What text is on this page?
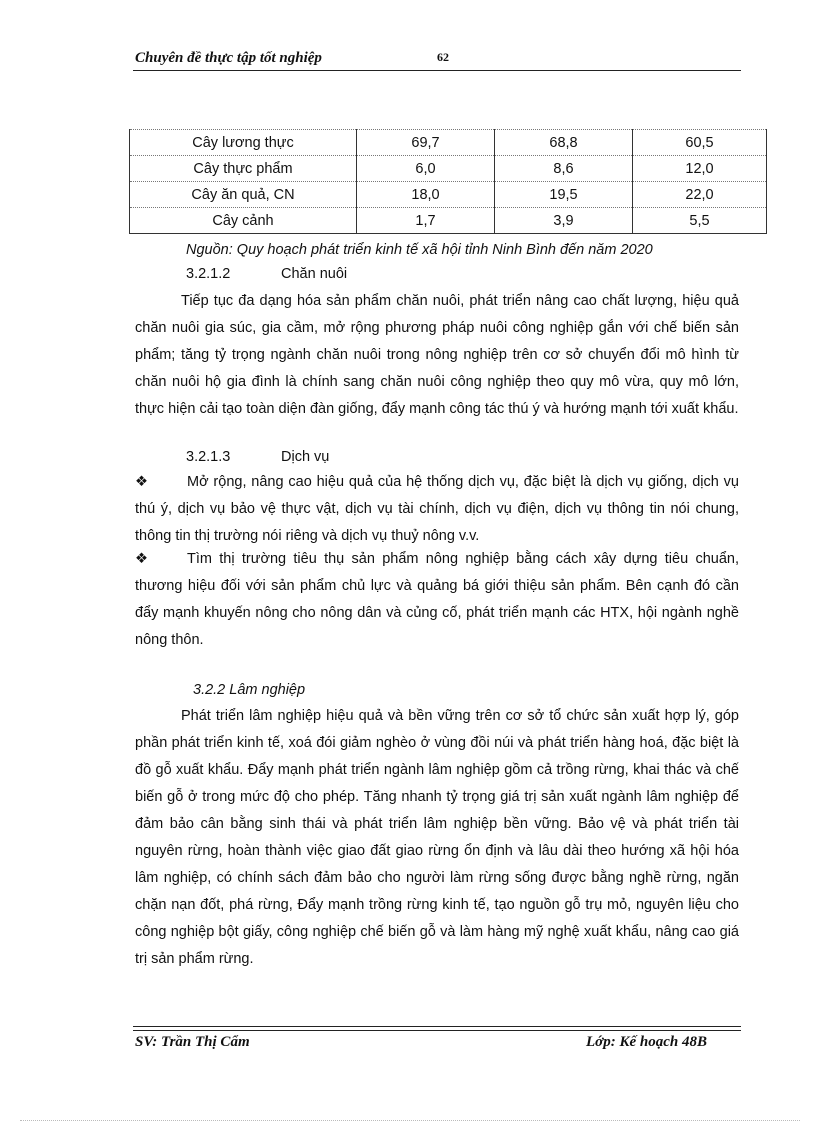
Chuyên đề thực tập tốt nghiệp	62
Cây lương thực	69,7	68,8	60,5
Cây thực phẩm	6,0	8,6	12,0
Cây ăn quả, CN	18,0	19,5	22,0
Cây cảnh	1,7	3,9	5,5
Nguồn: Quy hoạch phát triển kinh tế xã hội tỉnh Ninh Bình đến năm 2020
3.2.1.2	Chăn nuôi

Tiếp tục đa dạng hóa sản phẩm chăn nuôi, phát triển nâng cao chất lượng, hiệu quả chăn nuôi gia súc, gia cầm, mở rộng phương pháp nuôi công nghiệp gắn với chế biến sản phẩm; tăng tỷ trọng ngành chăn nuôi trong nông nghiệp trên cơ sở chuyển đổi mô hình từ chăn nuôi hộ gia đình là chính sang chăn nuôi công nghiệp theo quy mô vừa, quy mô lớn, thực hiện cải tạo toàn diện đàn giống, đẩy mạnh công tác thú ý và hướng mạnh tới xuất khẩu.

3.2.1.3	Dịch vụ

❖	Mở rộng, nâng cao hiệu quả của hệ thống dịch vụ, đặc biệt là dịch vụ giống, dịch vụ thú ý, dịch vụ bảo vệ thực vật, dịch vụ tài chính, dịch vụ điện, dịch vụ thông tin nói chung, thông tin thị trường nói riêng và dịch vụ thuỷ nông v.v.

❖	Tìm thị trường tiêu thụ sản phẩm nông nghiệp bằng cách xây dựng tiêu chuẩn, thương hiệu đối với sản phẩm chủ lực và quảng bá giới thiệu sản phẩm. Bên cạnh đó cần đẩy mạnh khuyến nông cho nông dân và củng cố, phát triển mạnh các HTX, hội ngành nghề nông thôn.

3.2.2 Lâm nghiệp

Phát triển lâm nghiệp hiệu quả và bền vững trên cơ sở tổ chức sản xuất hợp lý, góp phần phát triển kinh tế, xoá đói giảm nghèo ở vùng đồi núi và phát triển hàng hoá, đặc biệt là đồ gỗ xuất khẩu. Đẩy mạnh phát triển ngành lâm nghiệp gồm cả trồng rừng, khai thác và chế biến gỗ ở trong mức độ cho phép. Tăng nhanh tỷ trọng giá trị sản xuất ngành lâm nghiệp để đảm bảo cân bằng sinh thái và phát triển lâm nghiệp bền vững. Bảo vệ và phát triển tài nguyên rừng, hoàn thành việc giao đất giao rừng ổn định và lâu dài theo hướng xã hội hóa lâm nghiệp, có chính sách đảm bảo cho người làm rừng sống được bằng nghề rừng, ngăn chặn nạn đốt, phá rừng, Đẩy mạnh trồng rừng kinh tế, tạo nguồn gỗ trụ mỏ, nguyên liệu cho công nghiệp bột giấy, công nghiệp chế biến gỗ và làm hàng mỹ nghệ xuất khẩu, nâng cao giá trị sản phẩm rừng.

SV: Trần Thị Cẩm	Lớp: Kế hoạch 48B
